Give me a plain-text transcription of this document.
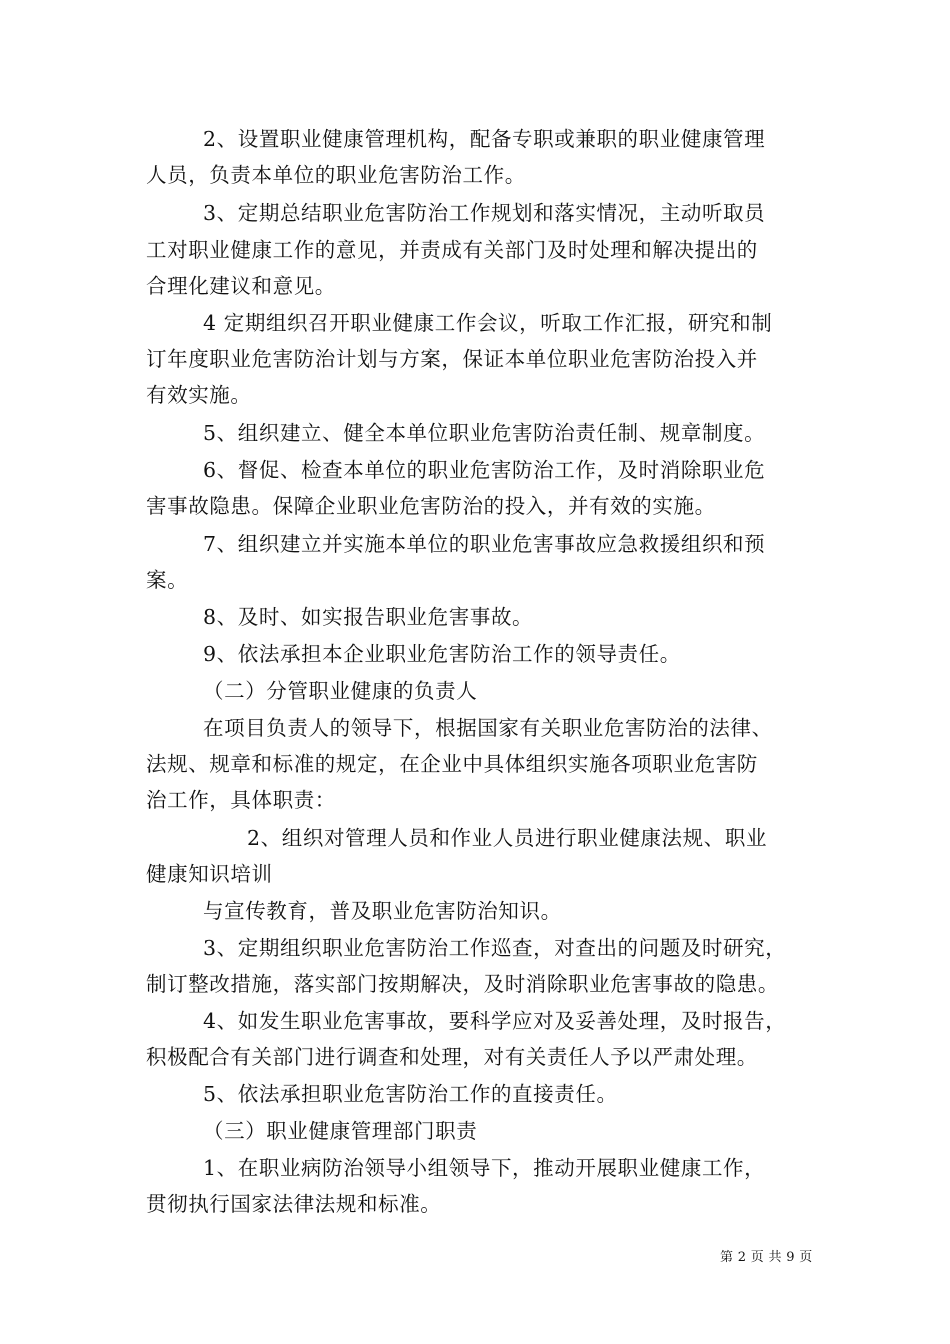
2、设置职业健康管理机构，配备专职或兼职的职业健康管理
人员，负责本单位的职业危害防治工作。
3、定期总结职业危害防治工作规划和落实情况，主动听取员
工对职业健康工作的意见，并责成有关部门及时处理和解决提出的
合理化建议和意见。
4 定期组织召开职业健康工作会议，听取工作汇报，研究和制
订年度职业危害防治计划与方案，保证本单位职业危害防治投入并
有效实施。
5、组织建立、健全本单位职业危害防治责任制、规章制度。
6、督促、检查本单位的职业危害防治工作，及时消除职业危
害事故隐患。保障企业职业危害防治的投入，并有效的实施。
7、组织建立并实施本单位的职业危害事故应急救援组织和预
案。
8、及时、如实报告职业危害事故。
9、依法承担本企业职业危害防治工作的领导责任。
（二）分管职业健康的负责人
在项目负责人的领导下，根据国家有关职业危害防治的法律、
法规、规章和标准的规定，在企业中具体组织实施各项职业危害防
治工作，具体职责：
2、组织对管理人员和作业人员进行职业健康法规、职业
健康知识培训
与宣传教育，普及职业危害防治知识。
3、定期组织职业危害防治工作巡查，对查出的问题及时研究，
制订整改措施，落实部门按期解决，及时消除职业危害事故的隐患。
4、如发生职业危害事故，要科学应对及妥善处理，及时报告，
积极配合有关部门进行调查和处理，对有关责任人予以严肃处理。
5、依法承担职业危害防治工作的直接责任。
（三）职业健康管理部门职责
1、在职业病防治领导小组领导下，推动开展职业健康工作，
贯彻执行国家法律法规和标准。
第 2 页 共 9 页
